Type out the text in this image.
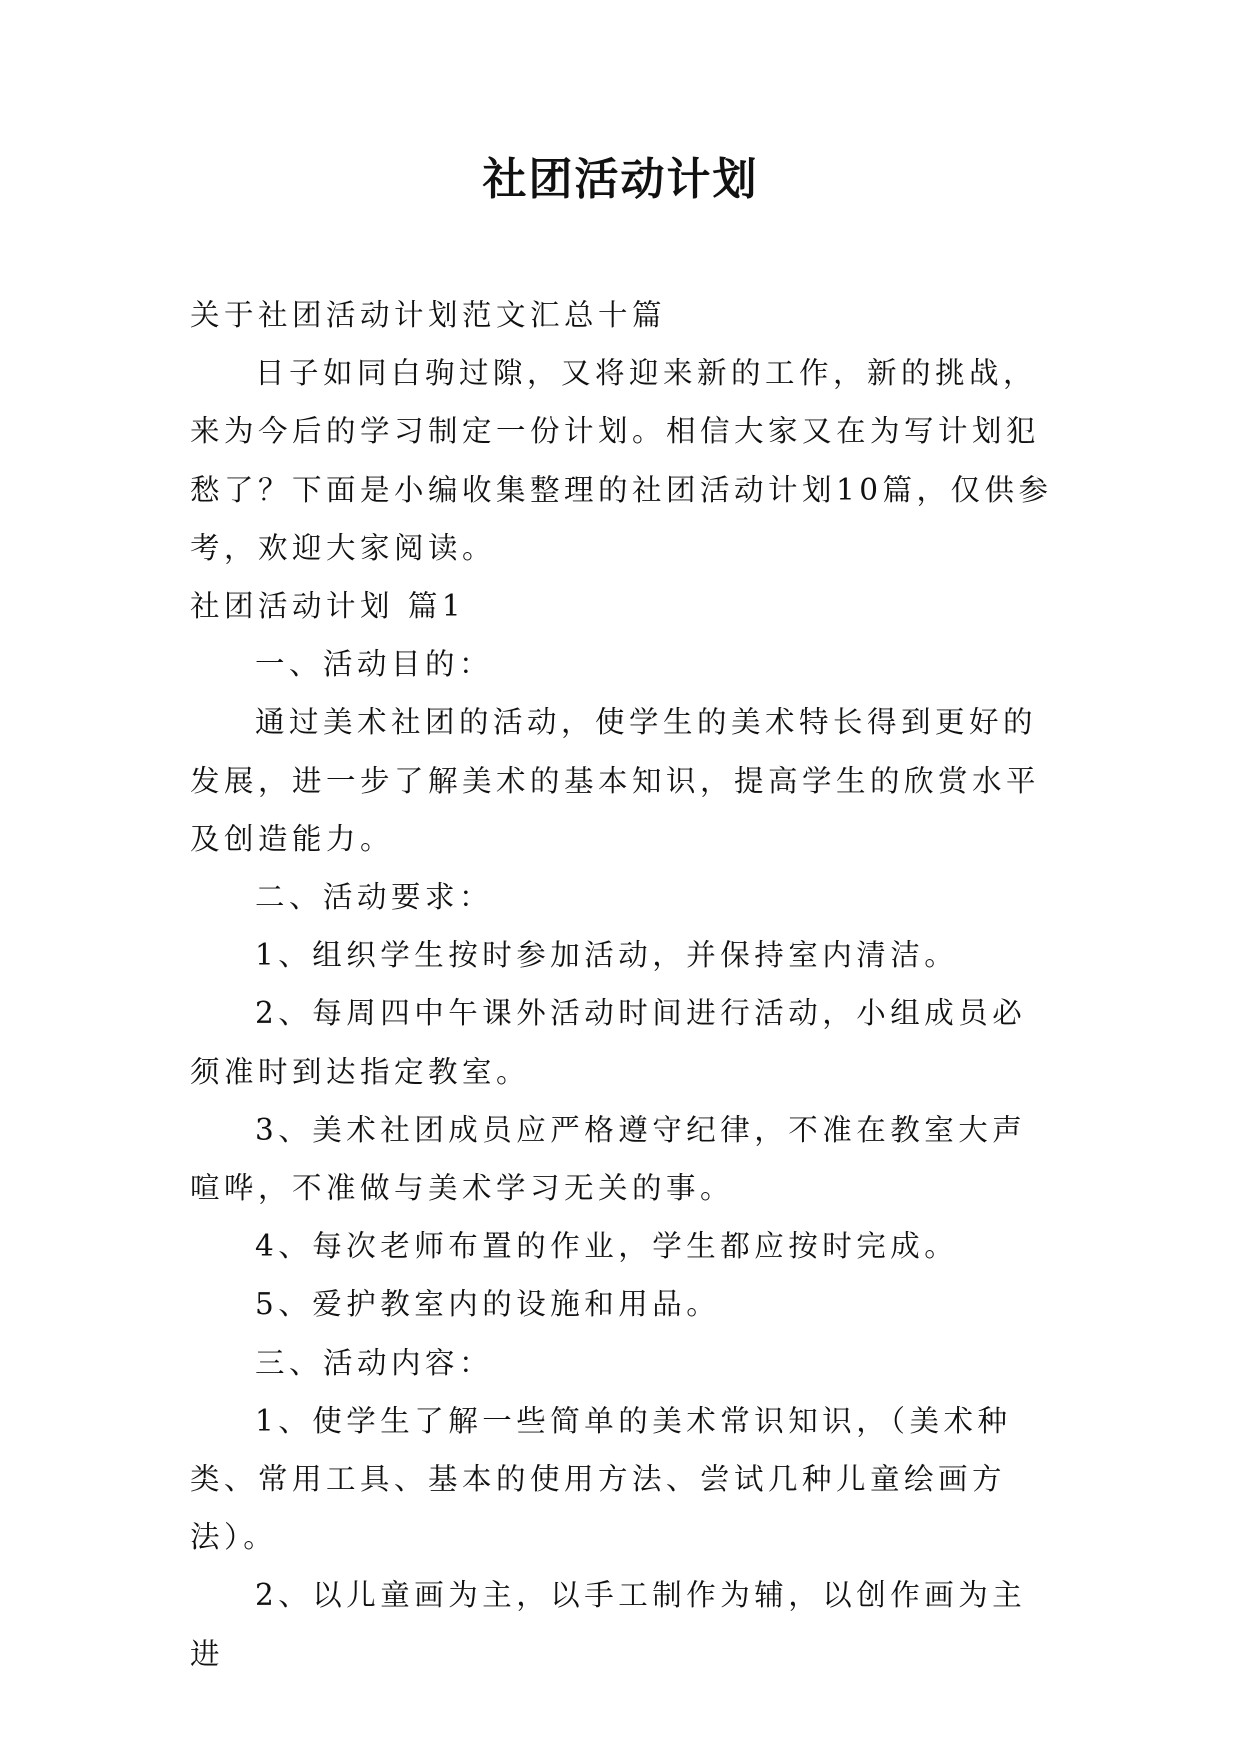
社团活动计划

关于社团活动计划范文汇总十篇

日子如同白驹过隙，又将迎来新的工作，新的挑战，来为今后的学习制定一份计划。相信大家又在为写计划犯愁了？下面是小编收集整理的社团活动计划10篇，仅供参考，欢迎大家阅读。

社团活动计划 篇1

一、活动目的：

通过美术社团的活动，使学生的美术特长得到更好的发展，进一步了解美术的基本知识，提高学生的欣赏水平及创造能力。

二、活动要求：

1、组织学生按时参加活动，并保持室内清洁。

2、每周四中午课外活动时间进行活动，小组成员必须准时到达指定教室。

3、美术社团成员应严格遵守纪律，不准在教室大声喧哗，不准做与美术学习无关的事。

4、每次老师布置的作业，学生都应按时完成。

5、爱护教室内的设施和用品。

三、活动内容：

1、使学生了解一些简单的美术常识知识，（美术种类、常用工具、基本的使用方法、尝试几种儿童绘画方法）。

2、以儿童画为主，以手工制作为辅，以创作画为主进
